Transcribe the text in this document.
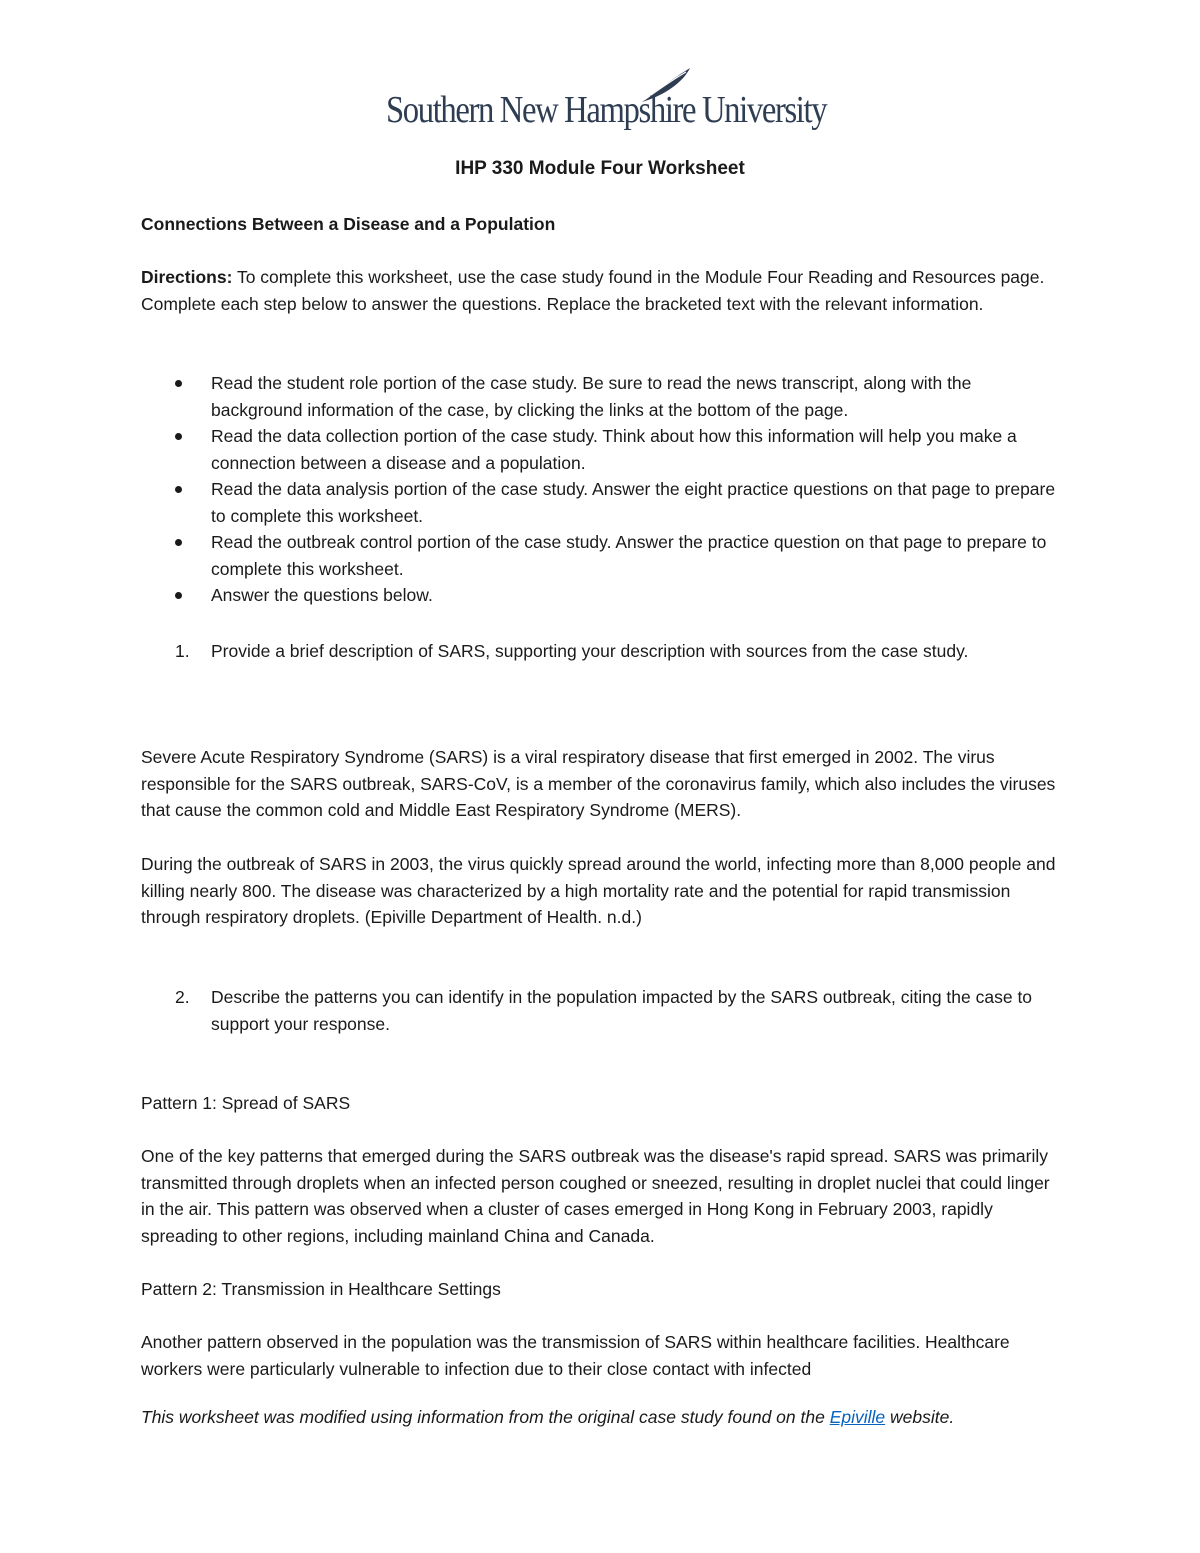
Southern New Hampshire University
IHP 330 Module Four Worksheet

Connections Between a Disease and a Population

Directions: To complete this worksheet, use the case study found in the Module Four Reading and Resources page. Complete each step below to answer the questions. Replace the bracketed text with the relevant information.

Read the student role portion of the case study. Be sure to read the news transcript, along with the background information of the case, by clicking the links at the bottom of the page.
Read the data collection portion of the case study. Think about how this information will help you make a connection between a disease and a population.
Read the data analysis portion of the case study. Answer the eight practice questions on that page to prepare to complete this worksheet.
Read the outbreak control portion of the case study. Answer the practice question on that page to prepare to complete this worksheet.
Answer the questions below.
1. Provide a brief description of SARS, supporting your description with sources from the case study.

Severe Acute Respiratory Syndrome (SARS) is a viral respiratory disease that first emerged in 2002. The virus responsible for the SARS outbreak, SARS-CoV, is a member of the coronavirus family, which also includes the viruses that cause the common cold and Middle East Respiratory Syndrome (MERS).

During the outbreak of SARS in 2003, the virus quickly spread around the world, infecting more than 8,000 people and killing nearly 800. The disease was characterized by a high mortality rate and the potential for rapid transmission through respiratory droplets. (Epiville Department of Health. n.d.)

2. Describe the patterns you can identify in the population impacted by the SARS outbreak, citing the case to support your response.

Pattern 1: Spread of SARS

One of the key patterns that emerged during the SARS outbreak was the disease's rapid spread. SARS was primarily transmitted through droplets when an infected person coughed or sneezed, resulting in droplet nuclei that could linger in the air. This pattern was observed when a cluster of cases emerged in Hong Kong in February 2003, rapidly spreading to other regions, including mainland China and Canada.

Pattern 2: Transmission in Healthcare Settings

Another pattern observed in the population was the transmission of SARS within healthcare facilities. Healthcare workers were particularly vulnerable to infection due to their close contact with infected

This worksheet was modified using information from the original case study found on the Epiville website.
